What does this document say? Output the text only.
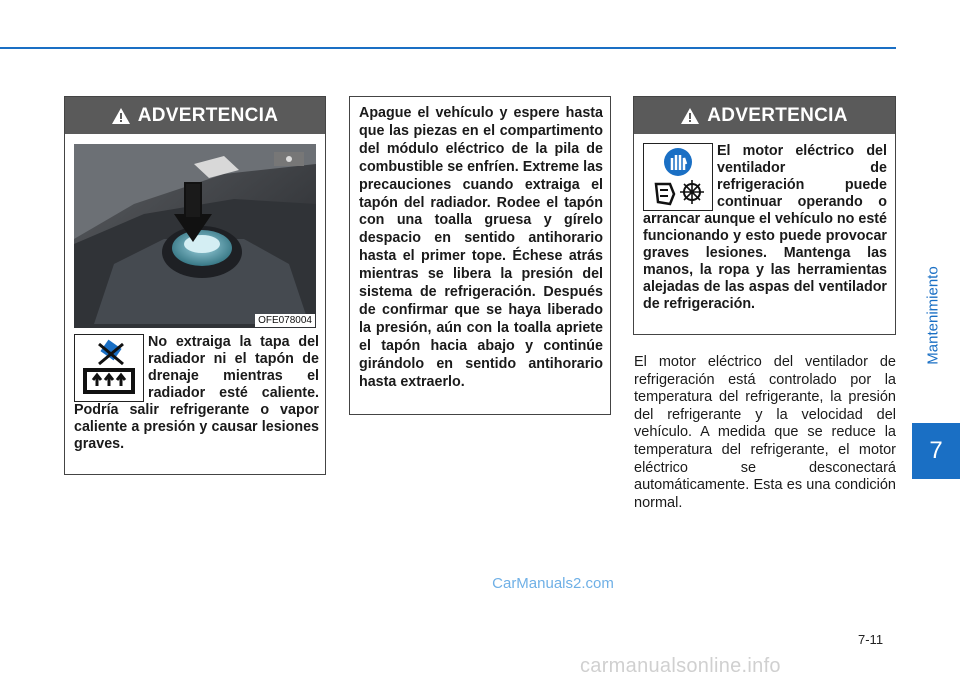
ADVERTENCIA
OFE078004
No extraiga la tapa del radiador ni el tapón de drenaje mientras el radiador esté caliente. Podría salir refrigerante o vapor caliente a presión y causar lesiones graves.
Apague el vehículo y espere hasta que las piezas en el compartimento del módulo eléctrico de la pila de combustible se enfríen. Extreme las precauciones cuando extraiga el tapón del radiador. Rodee el tapón con una toalla gruesa y gírelo despacio en sentido antihorario hasta el primer tope. Échese atrás mientras se libera la presión del sistema de refrigeración. Después de confirmar que se haya liberado la presión, aún con la toalla apriete el tapón hacia abajo y continúe girándolo en sentido antihorario hasta extraerlo.
ADVERTENCIA
El motor eléctrico del ventilador de refrigeración puede continuar operando o arrancar aunque el vehículo no esté funcionando y esto puede provocar graves lesiones. Mantenga las manos, la ropa y las herramientas alejadas de las aspas del ventilador de refrigeración.
El motor eléctrico del ventilador de refrigeración está controlado por la temperatura del refrigerante, la presión del refrigerante y la velocidad del vehículo. A medida que se reduce la temperatura del refrigerante, el motor eléctrico se desconectará automáticamente. Esta es una condición normal.
Mantenimiento
7
CarManuals2.com
7-11
carmanualsonline.info
